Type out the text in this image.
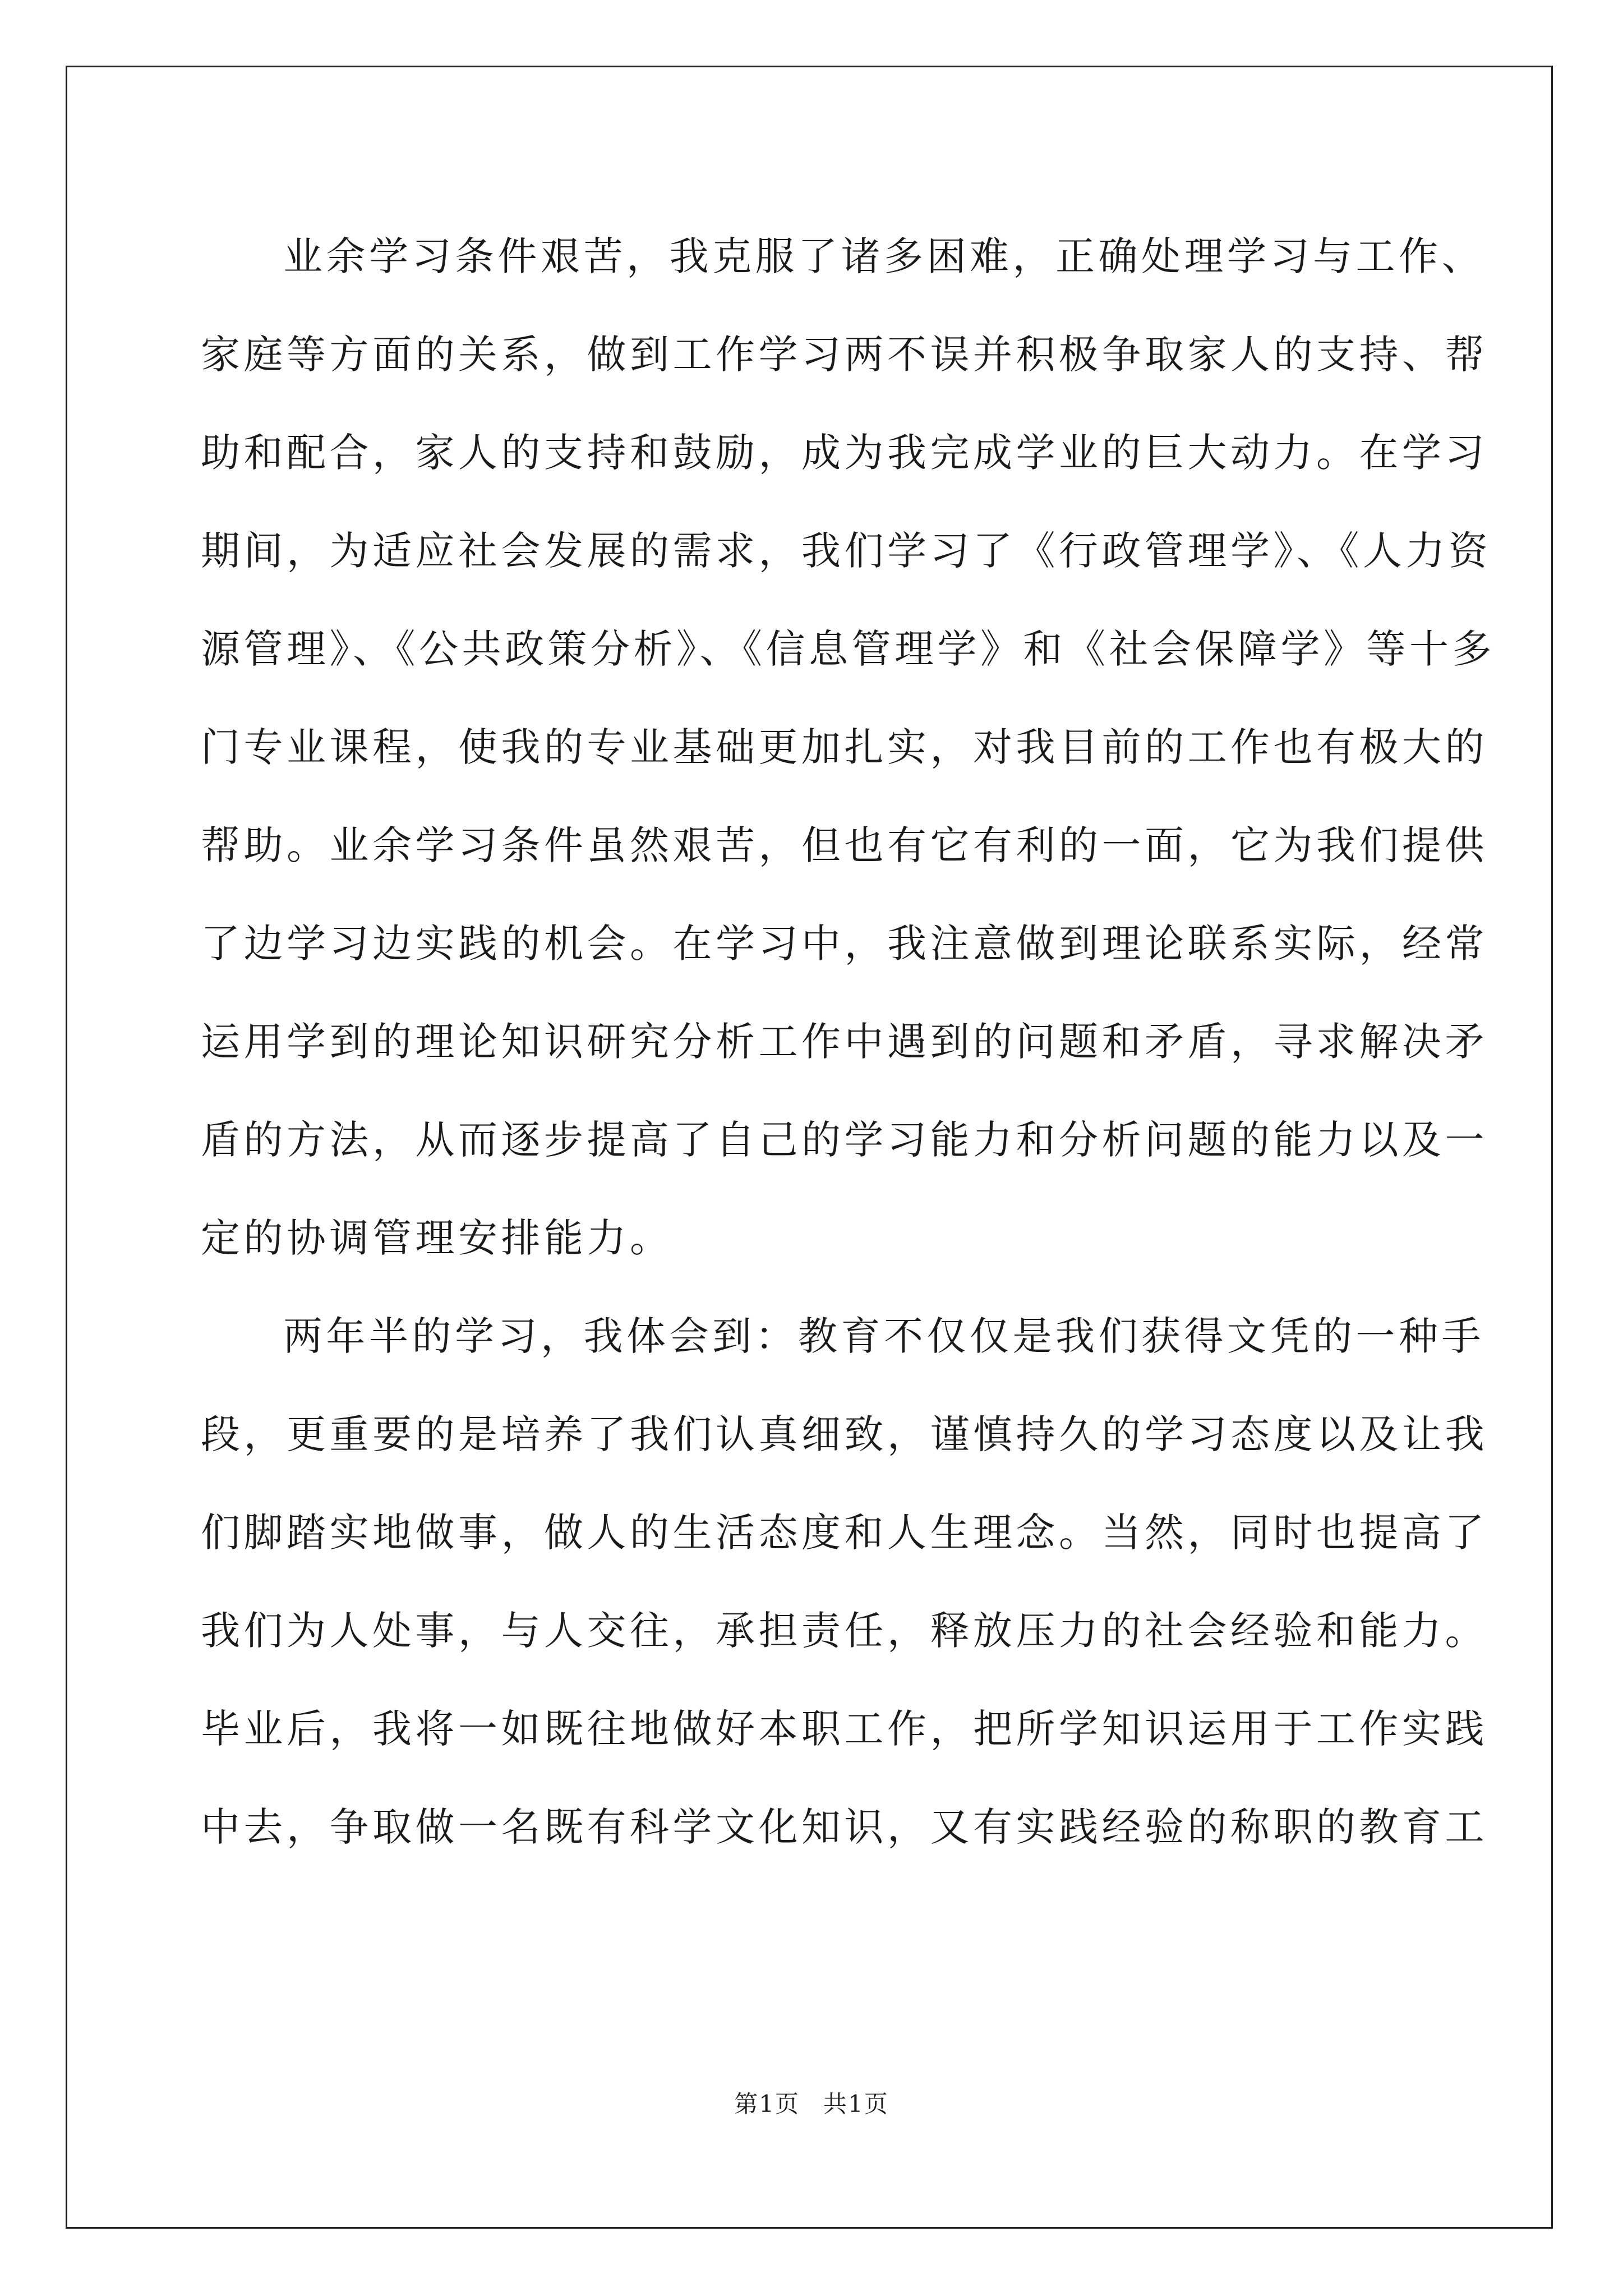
业余学习条件艰苦，我克服了诸多困难，正确处理学习与工作、
家庭等方面的关系，做到工作学习两不误并积极争取家人的支持、帮
助和配合，家人的支持和鼓励，成为我完成学业的巨大动力。在学习
期间，为适应社会发展的需求，我们学习了《行政管理学》、《人力资
源管理》、《公共政策分析》、《信息管理学》和《社会保障学》等十多
门专业课程，使我的专业基础更加扎实，对我目前的工作也有极大的
帮助。业余学习条件虽然艰苦，但也有它有利的一面，它为我们提供
了边学习边实践的机会。在学习中，我注意做到理论联系实际，经常
运用学到的理论知识研究分析工作中遇到的问题和矛盾，寻求解决矛
盾的方法，从而逐步提高了自己的学习能力和分析问题的能力以及一
定的协调管理安排能力。
两年半的学习，我体会到：教育不仅仅是我们获得文凭的一种手
段，更重要的是培养了我们认真细致，谨慎持久的学习态度以及让我
们脚踏实地做事，做人的生活态度和人生理念。当然，同时也提高了
我们为人处事，与人交往，承担责任，释放压力的社会经验和能力。
毕业后，我将一如既往地做好本职工作，把所学知识运用于工作实践
中去，争取做一名既有科学文化知识，又有实践经验的称职的教育工
第1页 共1页
